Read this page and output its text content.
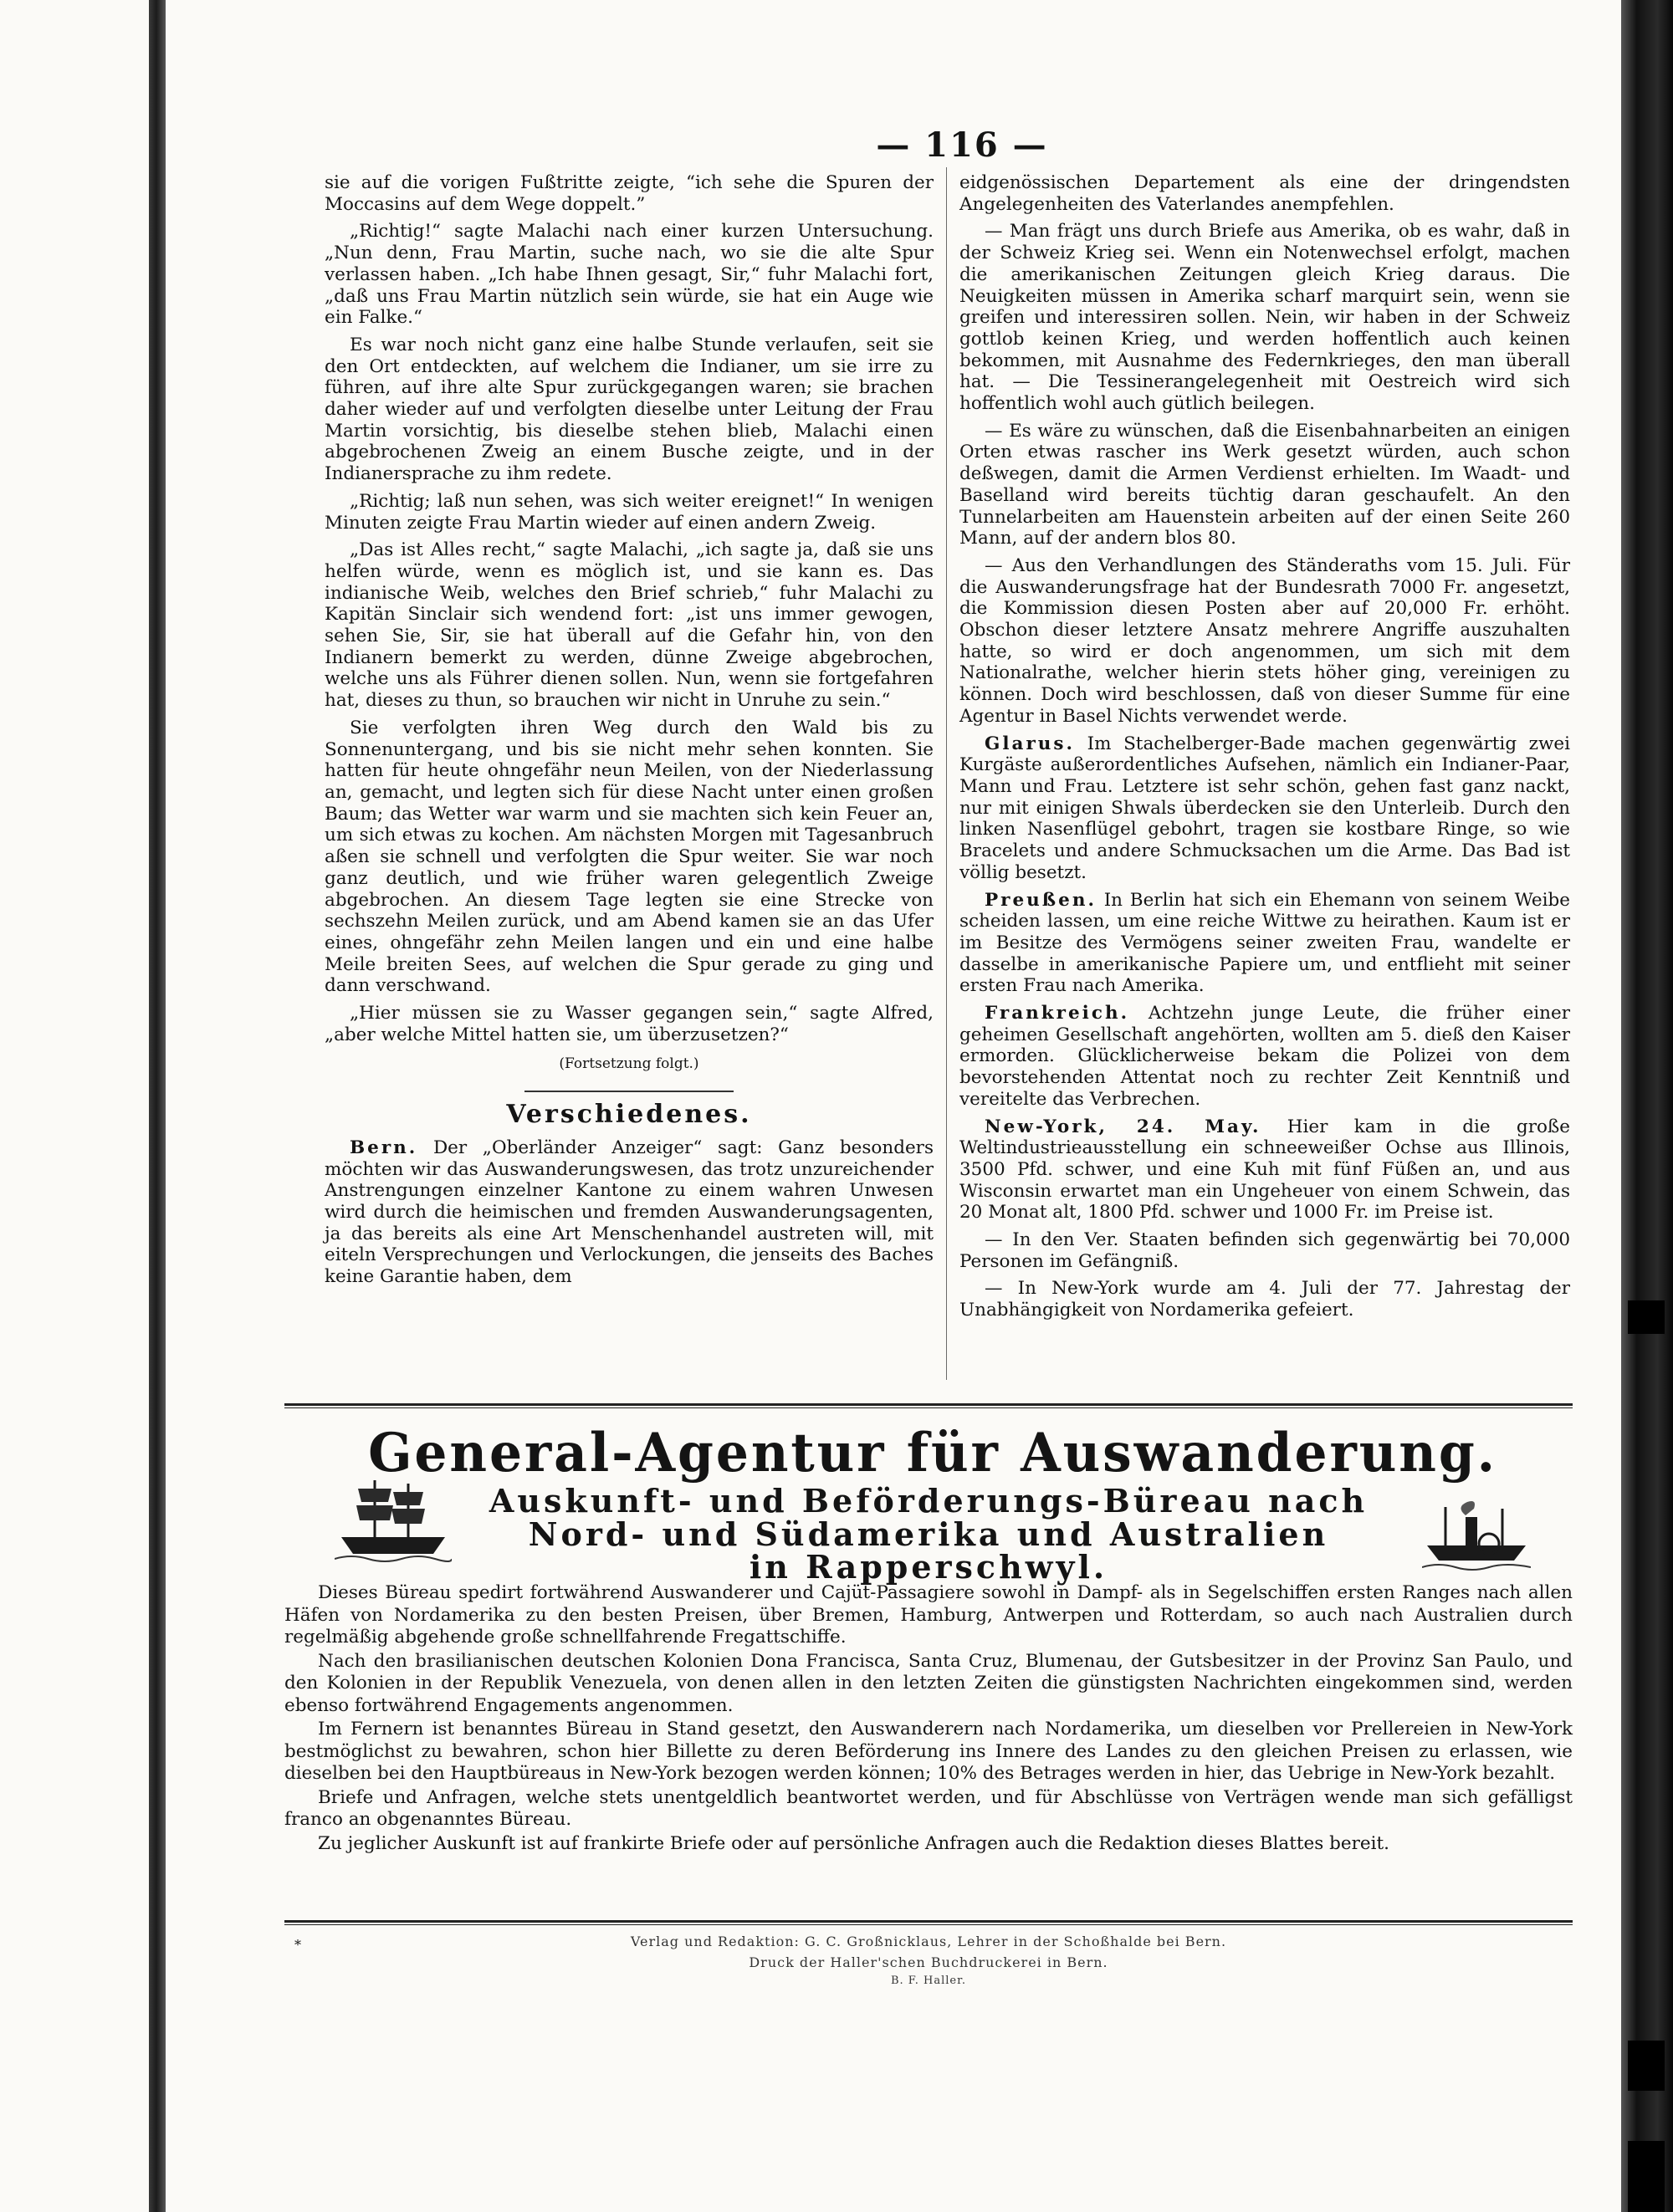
— 116 —

sie auf die vorigen Fußtritte zeigte, “ich sehe die Spuren der Moccasins auf dem Wege doppelt.”

„Richtig!“ sagte Malachi nach einer kurzen Untersuchung. „Nun denn, Frau Martin, suche nach, wo sie die alte Spur verlassen haben. „Ich habe Ihnen gesagt, Sir,“ fuhr Malachi fort, „daß uns Frau Martin nützlich sein würde, sie hat ein Auge wie ein Falke.“

Es war noch nicht ganz eine halbe Stunde verlaufen, seit sie den Ort entdeckten, auf welchem die Indianer, um sie irre zu führen, auf ihre alte Spur zurückgegangen waren; sie brachen daher wieder auf und verfolgten dieselbe unter Leitung der Frau Martin vorsichtig, bis dieselbe stehen blieb, Malachi einen abgebrochenen Zweig an einem Busche zeigte, und in der Indianersprache zu ihm redete.

„Richtig; laß nun sehen, was sich weiter ereignet!“ In wenigen Minuten zeigte Frau Martin wieder auf einen andern Zweig.

„Das ist Alles recht,“ sagte Malachi, „ich sagte ja, daß sie uns helfen würde, wenn es möglich ist, und sie kann es. Das indianische Weib, welches den Brief schrieb,“ fuhr Malachi zu Kapitän Sinclair sich wendend fort: „ist uns immer gewogen, sehen Sie, Sir, sie hat überall auf die Gefahr hin, von den Indianern bemerkt zu werden, dünne Zweige abgebrochen, welche uns als Führer dienen sollen. Nun, wenn sie fortgefahren hat, dieses zu thun, so brauchen wir nicht in Unruhe zu sein.“

Sie verfolgten ihren Weg durch den Wald bis zu Sonnenuntergang, und bis sie nicht mehr sehen konnten. Sie hatten für heute ohngefähr neun Meilen, von der Niederlassung an, gemacht, und legten sich für diese Nacht unter einen großen Baum; das Wetter war warm und sie machten sich kein Feuer an, um sich etwas zu kochen. Am nächsten Morgen mit Tagesanbruch aßen sie schnell und verfolgten die Spur weiter. Sie war noch ganz deutlich, und wie früher waren gelegentlich Zweige abgebrochen. An diesem Tage legten sie eine Strecke von sechszehn Meilen zurück, und am Abend kamen sie an das Ufer eines, ohngefähr zehn Meilen langen und ein und eine halbe Meile breiten Sees, auf welchen die Spur gerade zu ging und dann verschwand.

„Hier müssen sie zu Wasser gegangen sein,“ sagte Alfred, „aber welche Mittel hatten sie, um überzusetzen?“

(Fortsetzung folgt.)

Verschiedenes.

Bern. Der „Oberländer Anzeiger“ sagt: Ganz besonders möchten wir das Auswanderungswesen, das trotz unzureichender Anstrengungen einzelner Kantone zu einem wahren Unwesen wird durch die heimischen und fremden Auswanderungsagenten, ja das bereits als eine Art Menschenhandel austreten will, mit eiteln Versprechungen und Verlockungen, die jenseits des Baches keine Garantie haben, dem

eidgenössischen Departement als eine der dringendsten Angelegenheiten des Vaterlandes anempfehlen.

— Man frägt uns durch Briefe aus Amerika, ob es wahr, daß in der Schweiz Krieg sei. Wenn ein Notenwechsel erfolgt, machen die amerikanischen Zeitungen gleich Krieg daraus. Die Neuigkeiten müssen in Amerika scharf marquirt sein, wenn sie greifen und interessiren sollen. Nein, wir haben in der Schweiz gottlob keinen Krieg, und werden hoffentlich auch keinen bekommen, mit Ausnahme des Federnkrieges, den man überall hat. — Die Tessinerangelegenheit mit Oestreich wird sich hoffentlich wohl auch gütlich beilegen.

— Es wäre zu wünschen, daß die Eisenbahnarbeiten an einigen Orten etwas rascher ins Werk gesetzt würden, auch schon deßwegen, damit die Armen Verdienst erhielten. Im Waadt- und Baselland wird bereits tüchtig daran geschaufelt. An den Tunnelarbeiten am Hauenstein arbeiten auf der einen Seite 260 Mann, auf der andern blos 80.

— Aus den Verhandlungen des Ständeraths vom 15. Juli. Für die Auswanderungsfrage hat der Bundesrath 7000 Fr. angesetzt, die Kommission diesen Posten aber auf 20,000 Fr. erhöht. Obschon dieser letztere Ansatz mehrere Angriffe auszuhalten hatte, so wird er doch angenommen, um sich mit dem Nationalrathe, welcher hierin stets höher ging, vereinigen zu können. Doch wird beschlossen, daß von dieser Summe für eine Agentur in Basel Nichts verwendet werde.

Glarus. Im Stachelberger-Bade machen gegenwärtig zwei Kurgäste außerordentliches Aufsehen, nämlich ein Indianer-Paar, Mann und Frau. Letztere ist sehr schön, gehen fast ganz nackt, nur mit einigen Shwals überdecken sie den Unterleib. Durch den linken Nasenflügel gebohrt, tragen sie kostbare Ringe, so wie Bracelets und andere Schmucksachen um die Arme. Das Bad ist völlig besetzt.

Preußen. In Berlin hat sich ein Ehemann von seinem Weibe scheiden lassen, um eine reiche Wittwe zu heirathen. Kaum ist er im Besitze des Vermögens seiner zweiten Frau, wandelte er dasselbe in amerikanische Papiere um, und entflieht mit seiner ersten Frau nach Amerika.

Frankreich. Achtzehn junge Leute, die früher einer geheimen Gesellschaft angehörten, wollten am 5. dieß den Kaiser ermorden. Glücklicherweise bekam die Polizei von dem bevorstehenden Attentat noch zu rechter Zeit Kenntniß und vereitelte das Verbrechen.

New-York, 24. May. Hier kam in die große Weltindustrieausstellung ein schneeweißer Ochse aus Illinois, 3500 Pfd. schwer, und eine Kuh mit fünf Füßen an, und aus Wisconsin erwartet man ein Ungeheuer von einem Schwein, das 20 Monat alt, 1800 Pfd. schwer und 1000 Fr. im Preise ist.

— In den Ver. Staaten befinden sich gegenwärtig bei 70,000 Personen im Gefängniß.

— In New-York wurde am 4. Juli der 77. Jahrestag der Unabhängigkeit von Nordamerika gefeiert.

General-Agentur für Auswanderung.
Auskunft- und Beförderungs-Büreau nach
Nord- und Südamerika und Australien
in Rapperschwyl.

Dieses Büreau spedirt fortwährend Auswanderer und Cajüt-Passagiere sowohl in Dampf- als in Segelschiffen ersten Ranges nach allen Häfen von Nordamerika zu den besten Preisen, über Bremen, Hamburg, Antwerpen und Rotterdam, so auch nach Australien durch regelmäßig abgehende große schnellfahrende Fregattschiffe.

Nach den brasilianischen deutschen Kolonien Dona Francisca, Santa Cruz, Blumenau, der Gutsbesitzer in der Provinz San Paulo, und den Kolonien in der Republik Venezuela, von denen allen in den letzten Zeiten die günstigsten Nachrichten eingekommen sind, werden ebenso fortwährend Engagements angenommen.

Im Fernern ist benanntes Büreau in Stand gesetzt, den Auswanderern nach Nordamerika, um dieselben vor Prellereien in New-York bestmöglichst zu bewahren, schon hier Billette zu deren Beförderung ins Innere des Landes zu den gleichen Preisen zu erlassen, wie dieselben bei den Hauptbüreaus in New-York bezogen werden können; 10% des Betrages werden in hier, das Uebrige in New-York bezahlt.

Briefe und Anfragen, welche stets unentgeldlich beantwortet werden, und für Abschlüsse von Verträgen wende man sich gefälligst franco an obgenanntes Büreau.

Zu jeglicher Auskunft ist auf frankirte Briefe oder auf persönliche Anfragen auch die Redaktion dieses Blattes bereit.

*	Verlag und Redaktion: G. C. Großnicklaus, Lehrer in der Schoßhalde bei Bern.
Druck der Haller'schen Buchdruckerei in Bern.
B. F. Haller.
